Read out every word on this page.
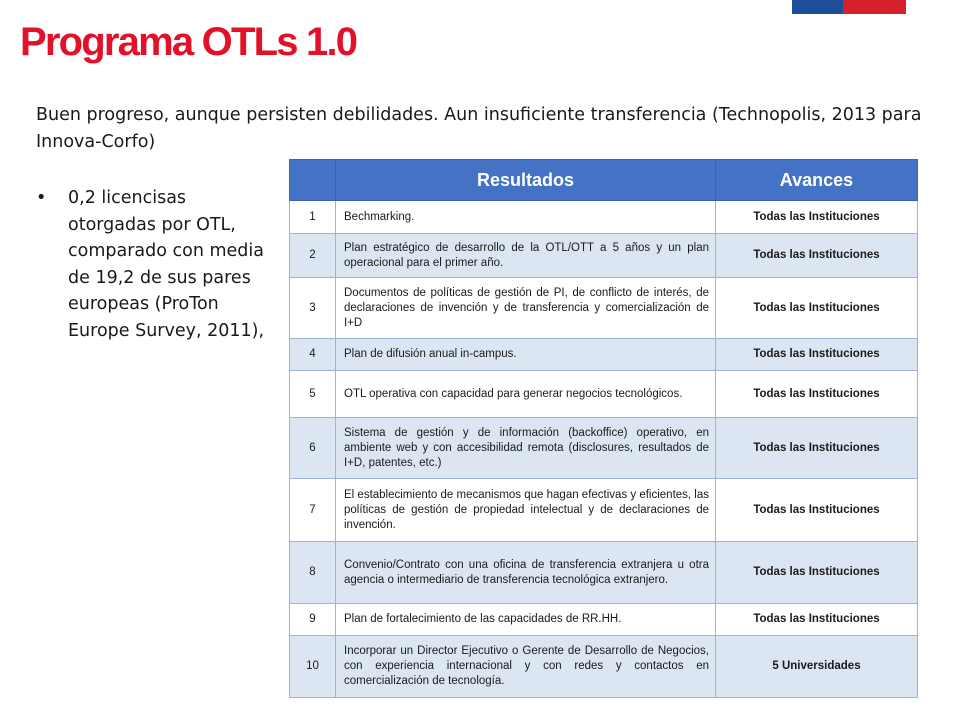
Programa OTLs 1.0

Buen progreso, aunque persisten debilidades. Aun insuficiente transferencia (Technopolis, 2013 para Innova-Corfo)

•	0,2 licencisas otorgadas por OTL, comparado con media de 19,2 de sus pares europeas (ProTon Europe Survey, 2011),
	Resultados	Avances
1	Bechmarking.	Todas las Instituciones
2	Plan estratégico de desarrollo de la OTL/OTT a 5 años y un plan operacional para el primer año.	Todas las Instituciones
3	Documentos de políticas de gestión de PI, de conflicto de interés, de declaraciones de invención y de transferencia y comercialización de I+D	Todas las Instituciones
4	Plan de difusión anual in-campus.	Todas las Instituciones
5	OTL operativa con capacidad para generar negocios tecnológicos.	Todas las Instituciones
6	Sistema de gestión y de información (backoffice) operativo, en ambiente web y con accesibilidad remota (disclosures, resultados de I+D, patentes, etc.)	Todas las Instituciones
7	El establecimiento de mecanismos que hagan efectivas y eficientes, las políticas de gestión de propiedad intelectual y de declaraciones de invención.	Todas las Instituciones
8	Convenio/Contrato con una oficina de transferencia extranjera u otra agencia o intermediario de transferencia tecnológica extranjero.	Todas las Instituciones
9	Plan de fortalecimiento de las capacidades de RR.HH.	Todas las Instituciones
10	Incorporar un Director Ejecutivo o Gerente de Desarrollo de Negocios, con experiencia internacional y con redes y contactos en comercialización de tecnología.	5 Universidades
